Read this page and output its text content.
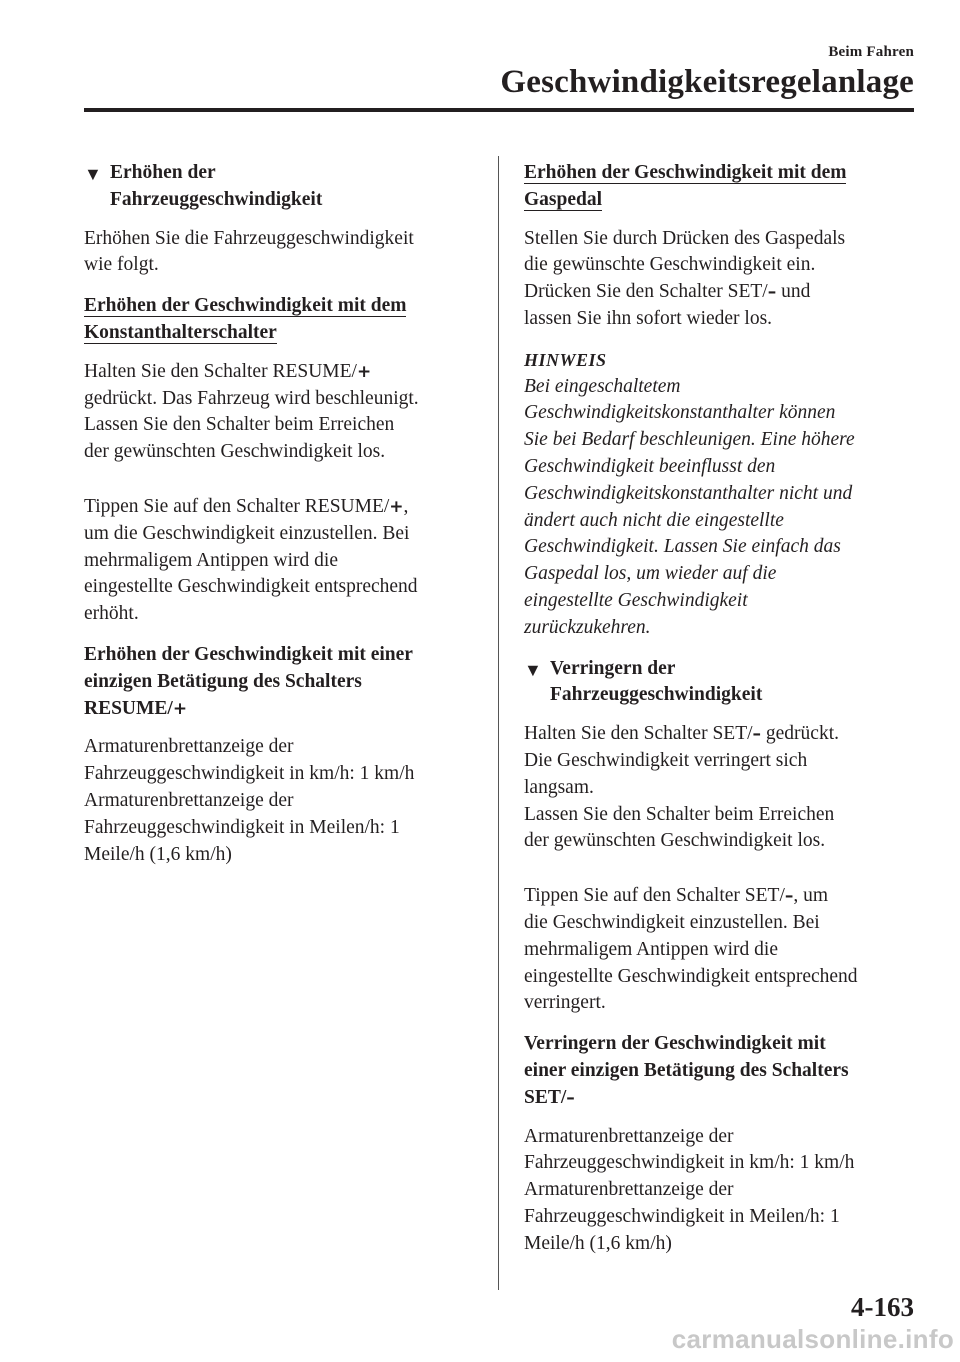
Beim Fahren
Geschwindigkeitsregelanlage
▼ Erhöhen der
Fahrzeuggeschwindigkeit

Erhöhen Sie die Fahrzeuggeschwindigkeit
wie folgt.

Erhöhen der Geschwindigkeit mit dem
Konstanthalterschalter

Halten Sie den Schalter RESUME/+
gedrückt. Das Fahrzeug wird beschleunigt.
Lassen Sie den Schalter beim Erreichen
der gewünschten Geschwindigkeit los.

Tippen Sie auf den Schalter RESUME/+,
um die Geschwindigkeit einzustellen. Bei
mehrmaligem Antippen wird die
eingestellte Geschwindigkeit entsprechend
erhöht.

Erhöhen der Geschwindigkeit mit einer
einzigen Betätigung des Schalters
RESUME/+

Armaturenbrettanzeige der
Fahrzeuggeschwindigkeit in km/h: 1 km/h
Armaturenbrettanzeige der
Fahrzeuggeschwindigkeit in Meilen/h: 1
Meile/h (1,6 km/h)

Erhöhen der Geschwindigkeit mit dem
Gaspedal

Stellen Sie durch Drücken des Gaspedals
die gewünschte Geschwindigkeit ein.
Drücken Sie den Schalter SET/– und
lassen Sie ihn sofort wieder los.

HINWEIS

Bei eingeschaltetem
Geschwindigkeitskonstanthalter können
Sie bei Bedarf beschleunigen. Eine höhere
Geschwindigkeit beeinflusst den
Geschwindigkeitskonstanthalter nicht und
ändert auch nicht die eingestellte
Geschwindigkeit. Lassen Sie einfach das
Gaspedal los, um wieder auf die
eingestellte Geschwindigkeit
zurückzukehren.

▼ Verringern der
Fahrzeuggeschwindigkeit

Halten Sie den Schalter SET/– gedrückt.
Die Geschwindigkeit verringert sich
langsam.
Lassen Sie den Schalter beim Erreichen
der gewünschten Geschwindigkeit los.

Tippen Sie auf den Schalter SET/–, um
die Geschwindigkeit einzustellen. Bei
mehrmaligem Antippen wird die
eingestellte Geschwindigkeit entsprechend
verringert.

Verringern der Geschwindigkeit mit
einer einzigen Betätigung des Schalters
SET/–

Armaturenbrettanzeige der
Fahrzeuggeschwindigkeit in km/h: 1 km/h
Armaturenbrettanzeige der
Fahrzeuggeschwindigkeit in Meilen/h: 1
Meile/h (1,6 km/h)

4-163
carmanualsonline.info
